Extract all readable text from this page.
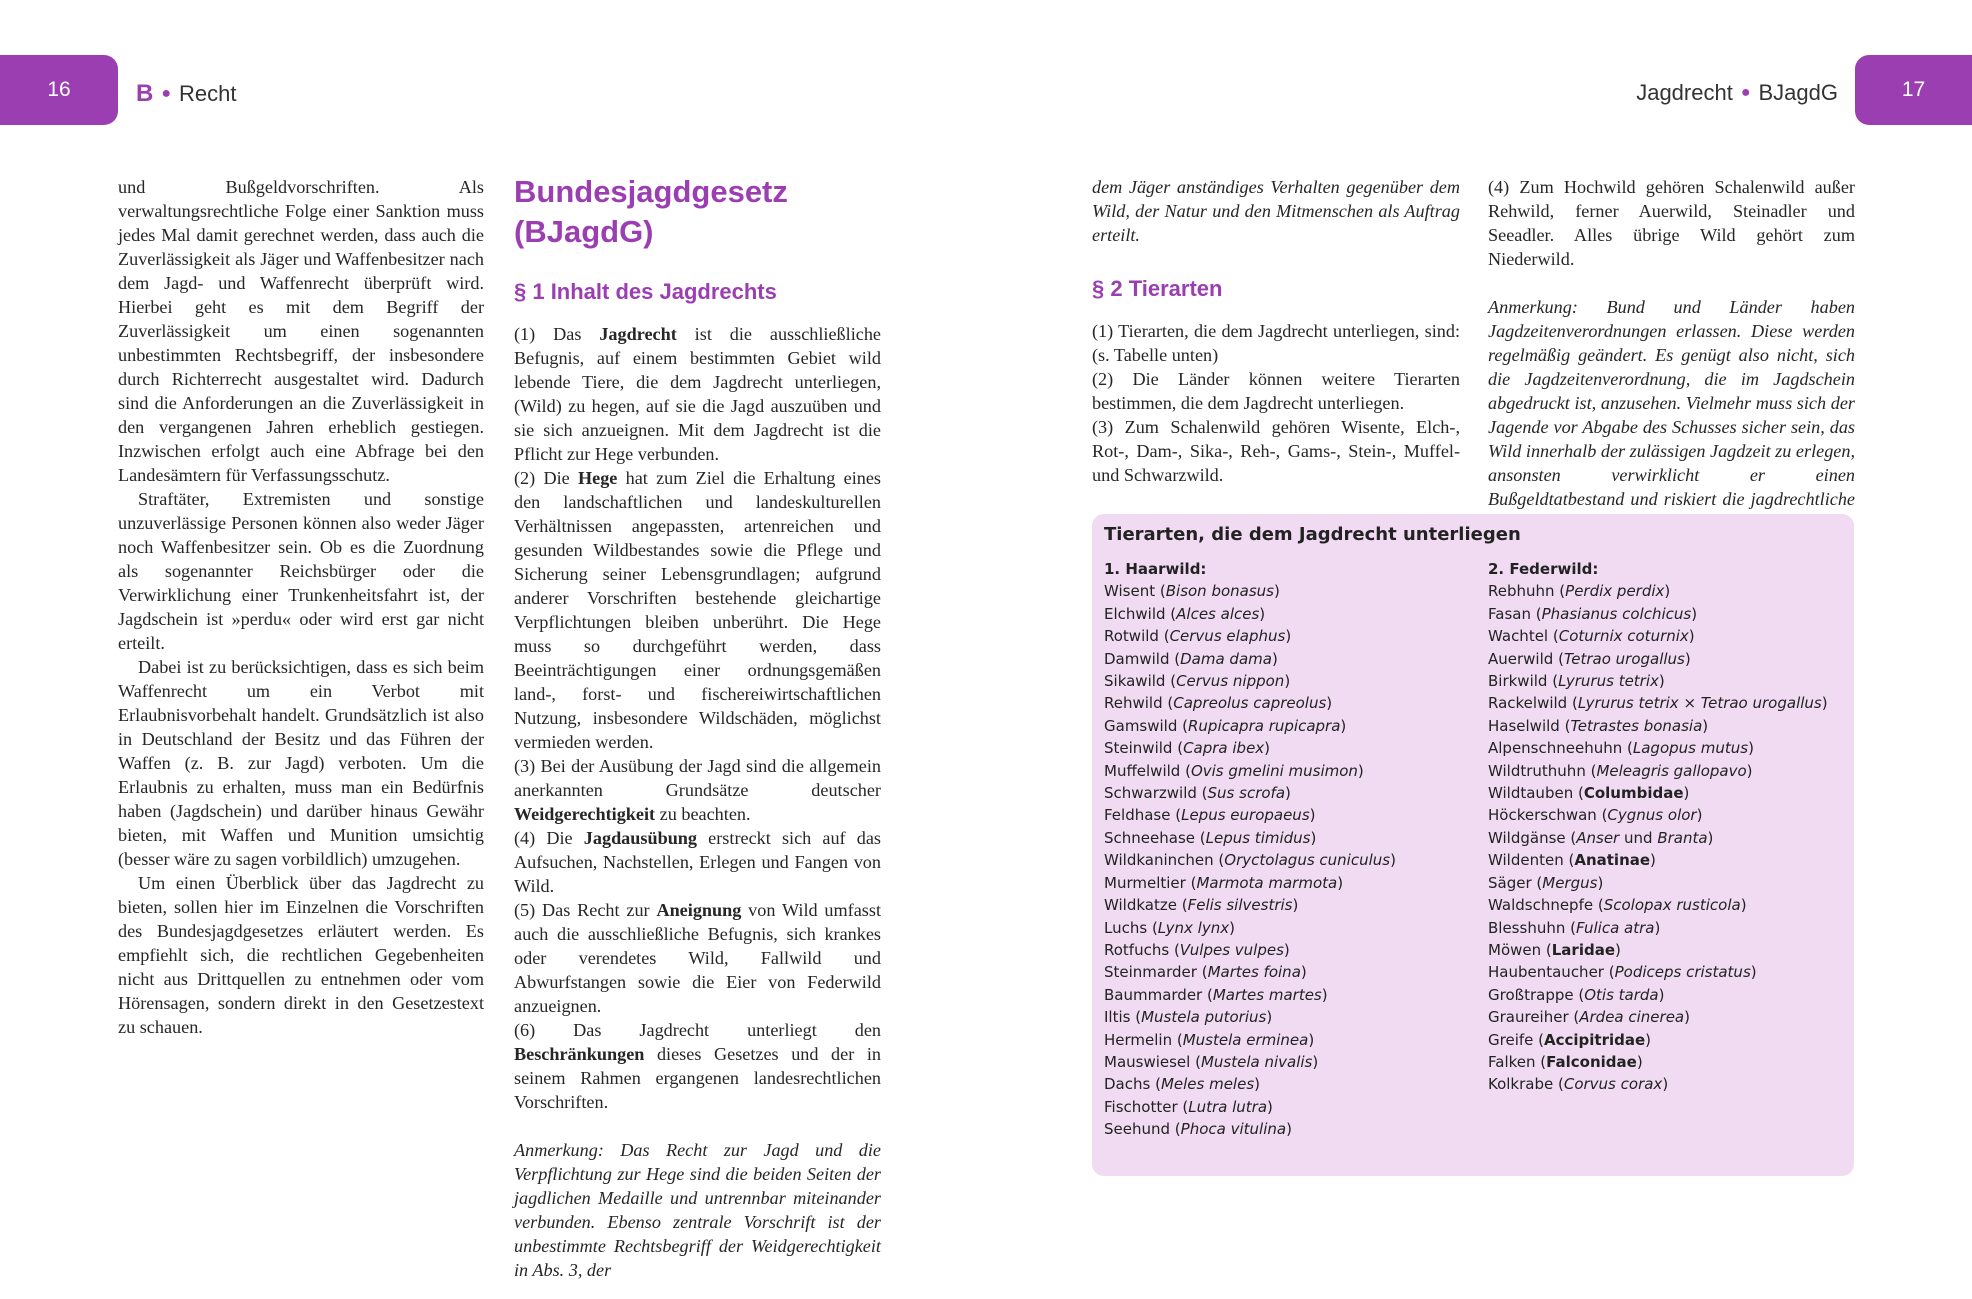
16	B ● Recht	Jagdrecht ● BJagdG	17

und Bußgeldvorschriften. Als verwaltungsrechtliche Folge einer Sanktion muss jedes Mal damit gerechnet werden, dass auch die Zuverlässigkeit als Jäger und Waffenbesitzer nach dem Jagd- und Waffenrecht überprüft wird. Hierbei geht es mit dem Begriff der Zuverlässigkeit um einen sogenannten unbestimmten Rechtsbegriff, der insbesondere durch Richterrecht ausgestaltet wird. Dadurch sind die Anforderungen an die Zuverlässigkeit in den vergangenen Jahren erheblich gestiegen. Inzwischen erfolgt auch eine Abfrage bei den Landesämtern für Verfassungsschutz.

Straftäter, Extremisten und sonstige unzuverlässige Personen können also weder Jäger noch Waffenbesitzer sein. Ob es die Zuordnung als sogenannter Reichsbürger oder die Verwirklichung einer Trunkenheitsfahrt ist, der Jagdschein ist »perdu« oder wird erst gar nicht erteilt.

Dabei ist zu berücksichtigen, dass es sich beim Waffenrecht um ein Verbot mit Erlaubnisvorbehalt handelt. Grundsätzlich ist also in Deutschland der Besitz und das Führen der Waffen (z. B. zur Jagd) verboten. Um die Erlaubnis zu erhalten, muss man ein Bedürfnis haben (Jagdschein) und darüber hinaus Gewähr bieten, mit Waffen und Munition umsichtig (besser wäre zu sagen vorbildlich) umzugehen.

Um einen Überblick über das Jagdrecht zu bieten, sollen hier im Einzelnen die Vorschriften des Bundesjagdgesetzes erläutert werden. Es empfiehlt sich, die rechtlichen Gegebenheiten nicht aus Drittquellen zu entnehmen oder vom Hörensagen, sondern direkt in den Gesetzestext zu schauen.

Bundesjagdgesetz (BJagdG)
§ 1 Inhalt des Jagdrechts

(1) Das Jagdrecht ist die ausschließliche Befugnis, auf einem bestimmten Gebiet wild lebende Tiere, die dem Jagdrecht unterliegen, (Wild) zu hegen, auf sie die Jagd auszuüben und sie sich anzueignen. Mit dem Jagdrecht ist die Pflicht zur Hege verbunden.

(2) Die Hege hat zum Ziel die Erhaltung eines den landschaftlichen und landeskulturellen Verhältnissen angepassten, artenreichen und gesunden Wildbestandes sowie die Pflege und Sicherung seiner Lebensgrundlagen; aufgrund anderer Vorschriften bestehende gleichartige Verpflichtungen bleiben unberührt. Die Hege muss so durchgeführt werden, dass Beeinträchtigungen einer ordnungsgemäßen land-, forst- und fischereiwirtschaftlichen Nutzung, insbesondere Wildschäden, möglichst vermieden werden.

(3) Bei der Ausübung der Jagd sind die allgemein anerkannten Grundsätze deutscher Weidgerechtigkeit zu beachten.

(4) Die Jagdausübung erstreckt sich auf das Aufsuchen, Nachstellen, Erlegen und Fangen von Wild.

(5) Das Recht zur Aneignung von Wild umfasst auch die ausschließliche Befugnis, sich krankes oder verendetes Wild, Fallwild und Abwurfstangen sowie die Eier von Federwild anzueignen.

(6) Das Jagdrecht unterliegt den Beschränkungen dieses Gesetzes und der in seinem Rahmen ergangenen landesrechtlichen Vorschriften.

Anmerkung: Das Recht zur Jagd und die Verpflichtung zur Hege sind die beiden Seiten der jagdlichen Medaille und untrennbar miteinander verbunden. Ebenso zentrale Vorschrift ist der unbestimmte Rechtsbegriff der Weidgerechtigkeit in Abs. 3, der

dem Jäger anständiges Verhalten gegenüber dem Wild, der Natur und den Mitmenschen als Auftrag erteilt.

§ 2 Tierarten

(1) Tierarten, die dem Jagdrecht unterliegen, sind: (s. Tabelle unten)

(2) Die Länder können weitere Tierarten bestimmen, die dem Jagdrecht unterliegen.

(3) Zum Schalenwild gehören Wisente, Elch-, Rot-, Dam-, Sika-, Reh-, Gams-, Stein-, Muffel- und Schwarzwild.

(4) Zum Hochwild gehören Schalenwild außer Rehwild, ferner Auerwild, Steinadler und Seeadler. Alles übrige Wild gehört zum Niederwild.

Anmerkung: Bund und Länder haben Jagdzeitenverordnungen erlassen. Diese werden regelmäßig geändert. Es genügt also nicht, sich die Jagdzeitenverordnung, die im Jagdschein abgedruckt ist, anzusehen. Vielmehr muss sich der Jagende vor Abgabe des Schusses sicher sein, das Wild innerhalb der zulässigen Jagdzeit zu erlegen, ansonsten verwirklicht er einen Bußgeldtatbestand und riskiert die jagdrechtliche

Tierarten, die dem Jagdrecht unterliegen
1. Haarwild:
Wisent (Bison bonasus)
Elchwild (Alces alces)
Rotwild (Cervus elaphus)
Damwild (Dama dama)
Sikawild (Cervus nippon)
Rehwild (Capreolus capreolus)
Gamswild (Rupicapra rupicapra)
Steinwild (Capra ibex)
Muffelwild (Ovis gmelini musimon)
Schwarzwild (Sus scrofa)
Feldhase (Lepus europaeus)
Schneehase (Lepus timidus)
Wildkaninchen (Oryctolagus cuniculus)
Murmeltier (Marmota marmota)
Wildkatze (Felis silvestris)
Luchs (Lynx lynx)
Rotfuchs (Vulpes vulpes)
Steinmarder (Martes foina)
Baummarder (Martes martes)
Iltis (Mustela putorius)
Hermelin (Mustela erminea)
Mauswiesel (Mustela nivalis)
Dachs (Meles meles)
Fischotter (Lutra lutra)
Seehund (Phoca vitulina)
2. Federwild:
Rebhuhn (Perdix perdix)
Fasan (Phasianus colchicus)
Wachtel (Coturnix coturnix)
Auerwild (Tetrao urogallus)
Birkwild (Lyrurus tetrix)
Rackelwild (Lyrurus tetrix × Tetrao urogallus)
Haselwild (Tetrastes bonasia)
Alpenschneehuhn (Lagopus mutus)
Wildtruthuhn (Meleagris gallopavo)
Wildtauben (Columbidae)
Höckerschwan (Cygnus olor)
Wildgänse (Anser und Branta)
Wildenten (Anatinae)
Säger (Mergus)
Waldschnepfe (Scolopax rusticola)
Blesshuhn (Fulica atra)
Möwen (Laridae)
Haubentaucher (Podiceps cristatus)
Großtrappe (Otis tarda)
Graureiher (Ardea cinerea)
Greife (Accipitridae)
Falken (Falconidae)
Kolkrabe (Corvus corax)
